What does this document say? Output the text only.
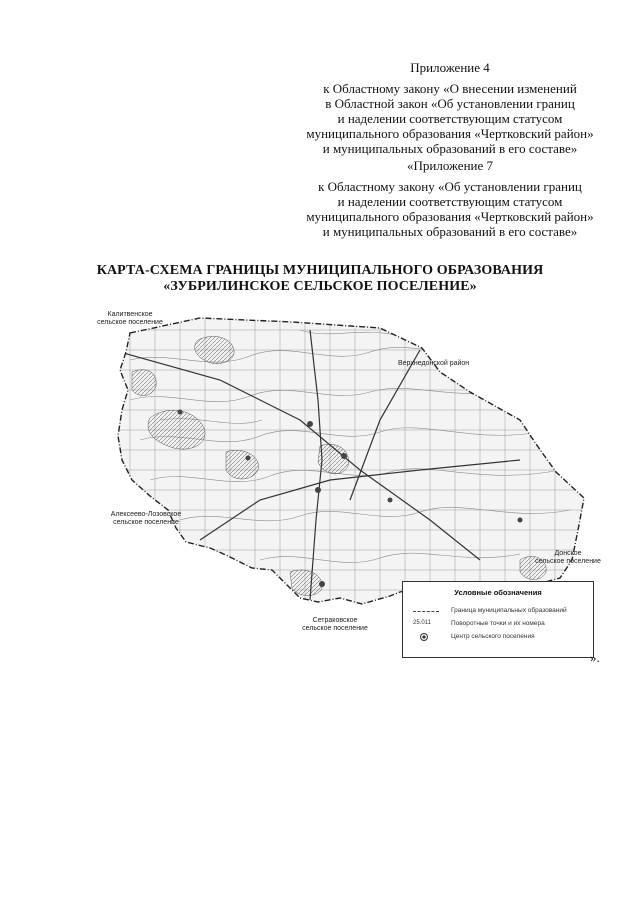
Приложение 4
к Областному закону «О внесении изменений
в Областной закон «Об установлении границ
и наделении соответствующим статусом
муниципального образования «Чертковский район»
и муниципальных образований в его составе»
«Приложение 7
к Областному закону «Об установлении границ
и наделении соответствующим статусом
муниципального образования «Чертковский район»
и муниципальных образований в его составе»
КАРТА-СХЕМА ГРАНИЦЫ МУНИЦИПАЛЬНОГО ОБРАЗОВАНИЯ
«ЗУБРИЛИНСКОЕ СЕЛЬСКОЕ ПОСЕЛЕНИЕ»
Калитвенское
сельское поселение
Верхнедонской район
Алексеево-Лозовское
сельское поселение
Донское
сельское поселение
Сетраковское
сельское поселение
Условные обозначения
Граница муниципальных образований
25.011	Поворотные точки и их номера
Центр сельского поселения
».
